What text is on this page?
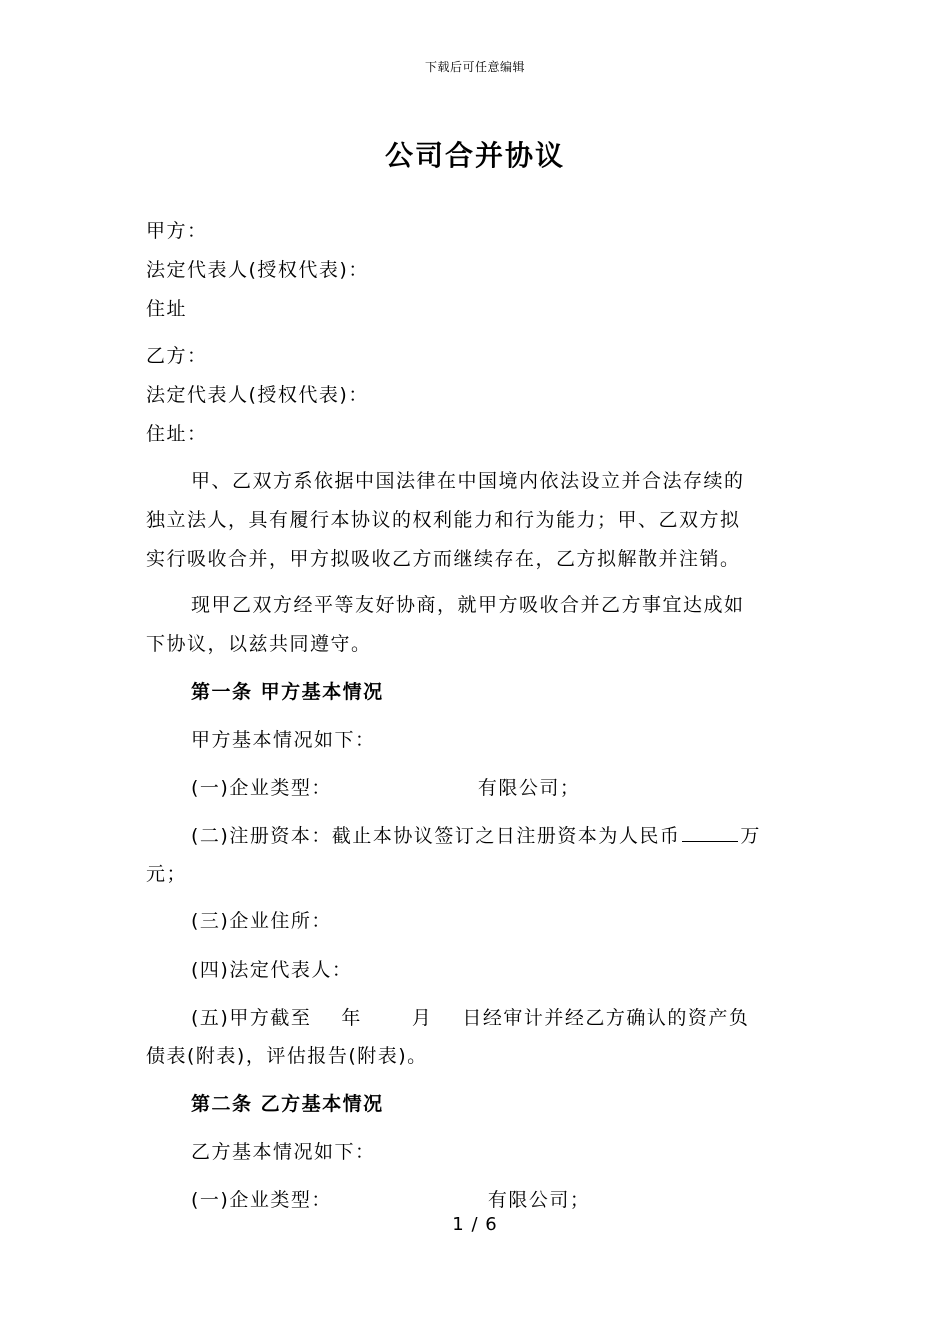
下载后可任意编辑
公司合并协议
甲方：
法定代表人(授权代表)：
住址
乙方：
法定代表人(授权代表)：
住址：
甲、乙双方系依据中国法律在中国境内依法设立并合法存续的
独立法人，具有履行本协议的权利能力和行为能力；甲、乙双方拟
实行吸收合并，甲方拟吸收乙方而继续存在，乙方拟解散并注销。
现甲乙双方经平等友好协商，就甲方吸收合并乙方事宜达成如
下协议，以兹共同遵守。
第一条 甲方基本情况
甲方基本情况如下：
(一)企业类型：	有限公司；
(二)注册资本：截止本协议签订之日注册资本为人民币	万
元；
(三)企业住所：
(四)法定代表人：
(五)甲方截至 年	月 日经审计并经乙方确认的资产负
债表(附表)，评估报告(附表)。
第二条 乙方基本情况
乙方基本情况如下：
(一)企业类型：	有限公司；
1 / 6
